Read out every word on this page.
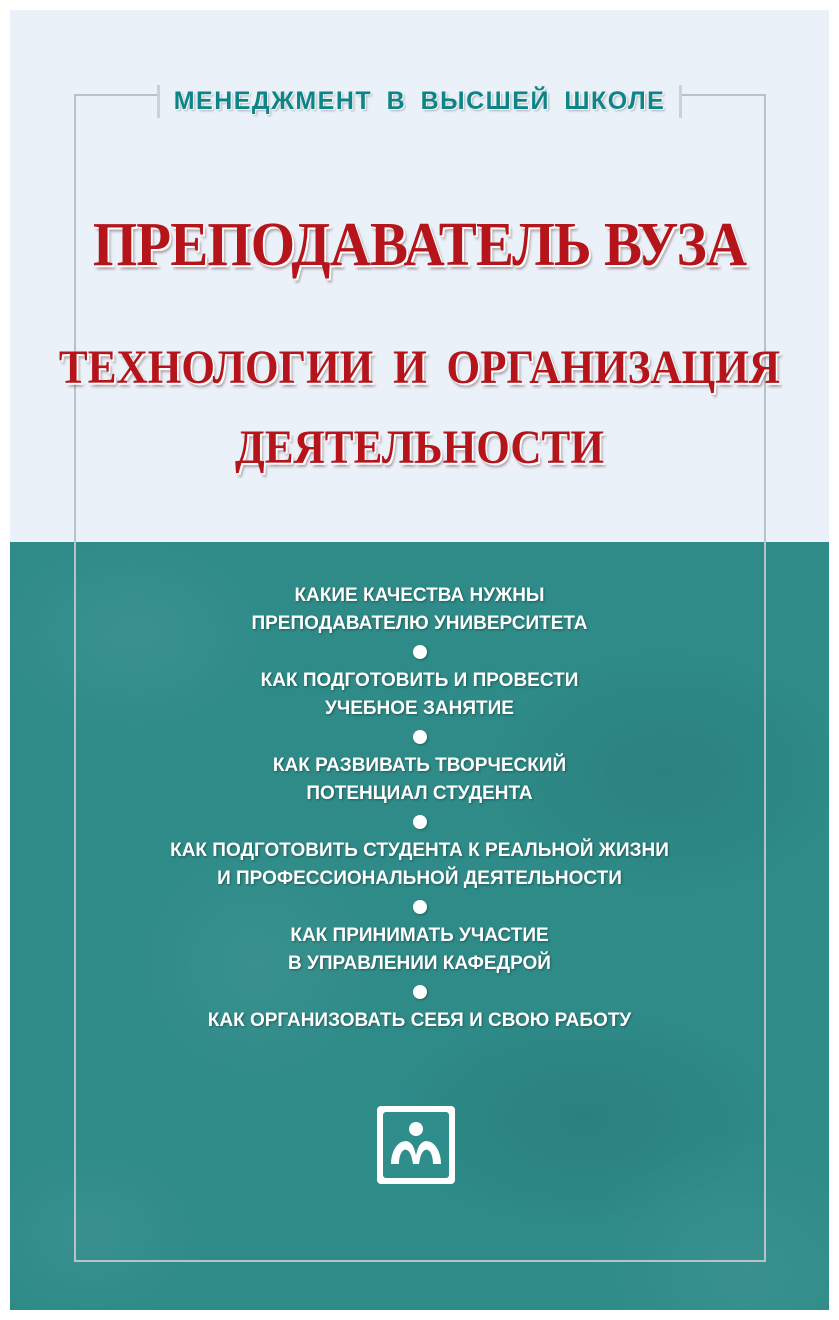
МЕНЕДЖМЕНТ В ВЫСШЕЙ ШКОЛЕ
ПРЕПОДАВАТЕЛЬ ВУЗА
ТЕХНОЛОГИИ И ОРГАНИЗАЦИЯ
ДЕЯТЕЛЬНОСТИ

КАКИЕ КАЧЕСТВА НУЖНЫ
ПРЕПОДАВАТЕЛЮ УНИВЕРСИТЕТА

КАК ПОДГОТОВИТЬ И ПРОВЕСТИ
УЧЕБНОЕ ЗАНЯТИЕ

КАК РАЗВИВАТЬ ТВОРЧЕСКИЙ
ПОТЕНЦИАЛ СТУДЕНТА

КАК ПОДГОТОВИТЬ СТУДЕНТА К РЕАЛЬНОЙ ЖИЗНИ
И ПРОФЕССИОНАЛЬНОЙ ДЕЯТЕЛЬНОСТИ

КАК ПРИНИМАТЬ УЧАСТИЕ
В УПРАВЛЕНИИ КАФЕДРОЙ

КАК ОРГАНИЗОВАТЬ СЕБЯ И СВОЮ РАБОТУ
